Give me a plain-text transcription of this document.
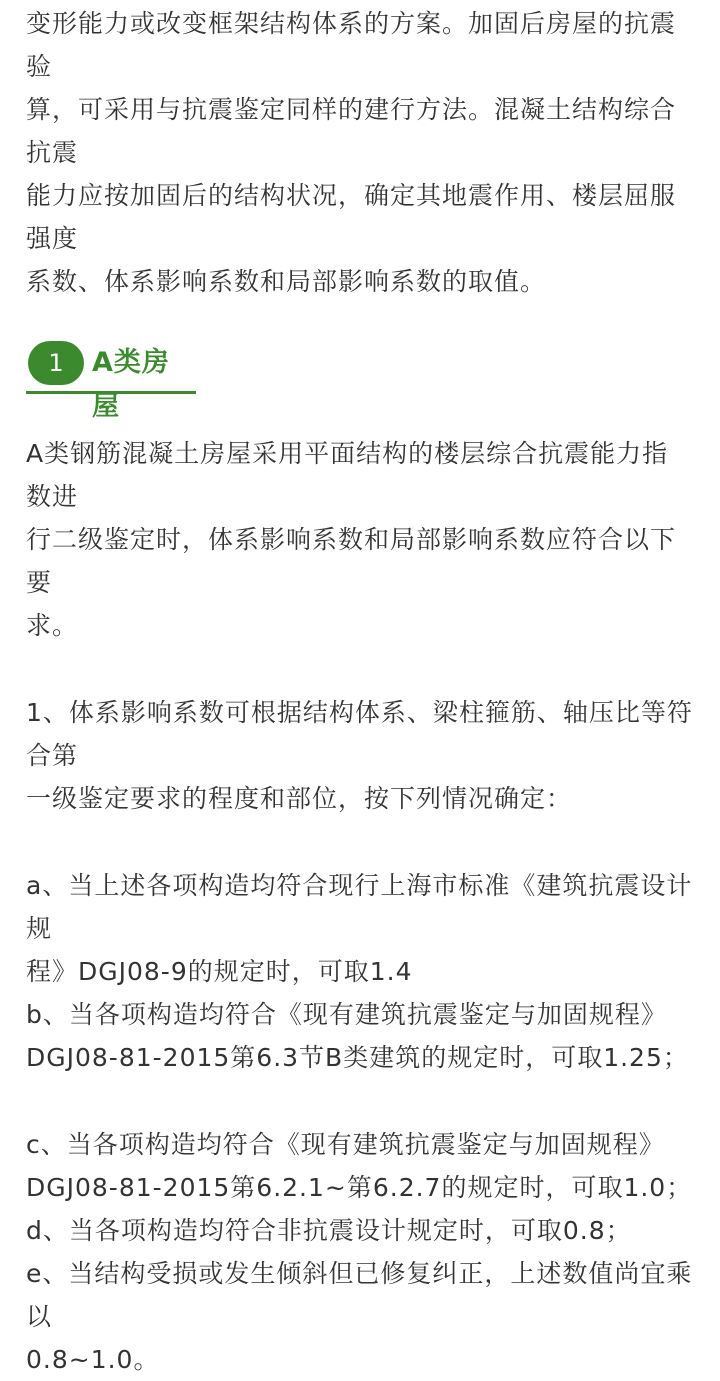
变形能力或改变框架结构体系的方案。加固后房屋的抗震验

算，可采用与抗震鉴定同样的建行方法。混凝土结构综合抗震

能力应按加固后的结构状况，确定其地震作用、楼层屈服强度

系数、体系影响系数和局部影响系数的取值。

1	A类房屋

A类钢筋混凝土房屋采用平面结构的楼层综合抗震能力指数进

行二级鉴定时，体系影响系数和局部影响系数应符合以下要

求。

1、体系影响系数可根据结构体系、梁柱箍筋、轴压比等符合第

一级鉴定要求的程度和部位，按下列情况确定：

a、当上述各项构造均符合现行上海市标准《建筑抗震设计规

程》DGJ08-9的规定时，可取1.4

b、当各项构造均符合《现有建筑抗震鉴定与加固规程》

DGJ08-81-2015第6.3节B类建筑的规定时，可取1.25；

c、当各项构造均符合《现有建筑抗震鉴定与加固规程》

DGJ08-81-2015第6.2.1~第6.2.7的规定时，可取1.0；

d、当各项构造均符合非抗震设计规定时，可取0.8；

e、当结构受损或发生倾斜但已修复纠正，上述数值尚宜乘以

0.8~1.0。
